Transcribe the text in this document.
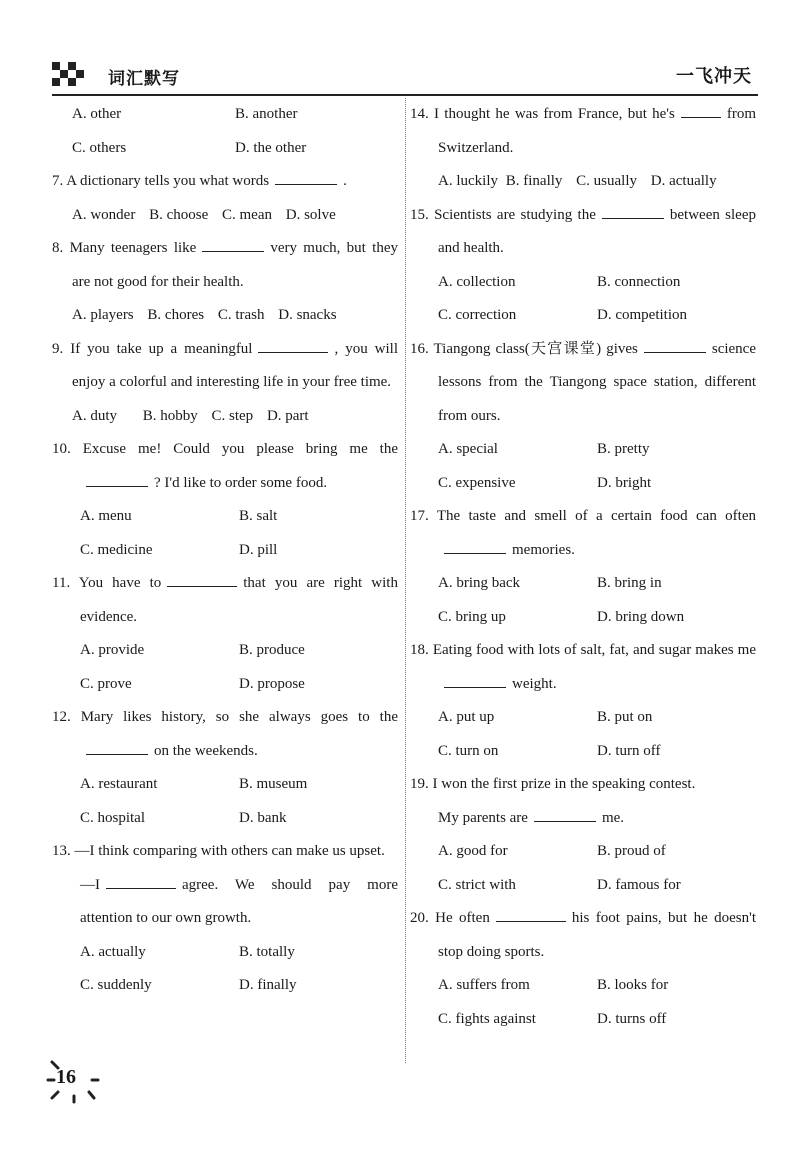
词汇默写	一飞冲天
A. other	B. another
C. others	D. the other
7. A dictionary tells you what words	.
A. wonder B. choose C. mean D. solve
8. Many teenagers like	very much, but they are not good for their health.
A. players B. chores C. trash D. snacks
9. If you take up a meaningful	, you will enjoy a colorful and interesting life in your free time.
A. duty B. hobby C. step D. part
10. Excuse me! Could you please bring me the? I'd like to order some food.
A. menu	B. salt
C. medicine	D. pill
11. You have to	that you are right with evidence.
A. provide	B. produce
C. prove	D. propose
12. Mary likes history, so she always goes to theon the weekends.
A. restaurant	B. museum
C. hospital	D. bank
13. —I think comparing with others can make us upset.
—I	agree. We should pay more attention to our own growth.
A. actually	B. totally
C. suddenly	D. finally
14. I thought he was from France, but he's	from Switzerland.
A. luckily B. finally C. usually D. actually
15. Scientists are studying the	between sleep and health.
A. collection	B. connection
C. correction	D. competition
16. Tiangong class(天宫课堂) gives	science lessons from the Tiangong space station, different from ours.
A. special	B. pretty
C. expensive	D. bright
17. The taste and smell of a certain food can oftenmemories.
A. bring back	B. bring in
C. bring up	D. bring down
18. Eating food with lots of salt, fat, and sugar makes meweight.
A. put up	B. put on
C. turn on	D. turn off
19. I won the first prize in the speaking contest.
My parents are	me.
A. good for	B. proud of
C. strict with	D. famous for
20. He often	his foot pains, but he doesn't stop doing sports.
A. suffers from	B. looks for
C. fights against	D. turns off
16
